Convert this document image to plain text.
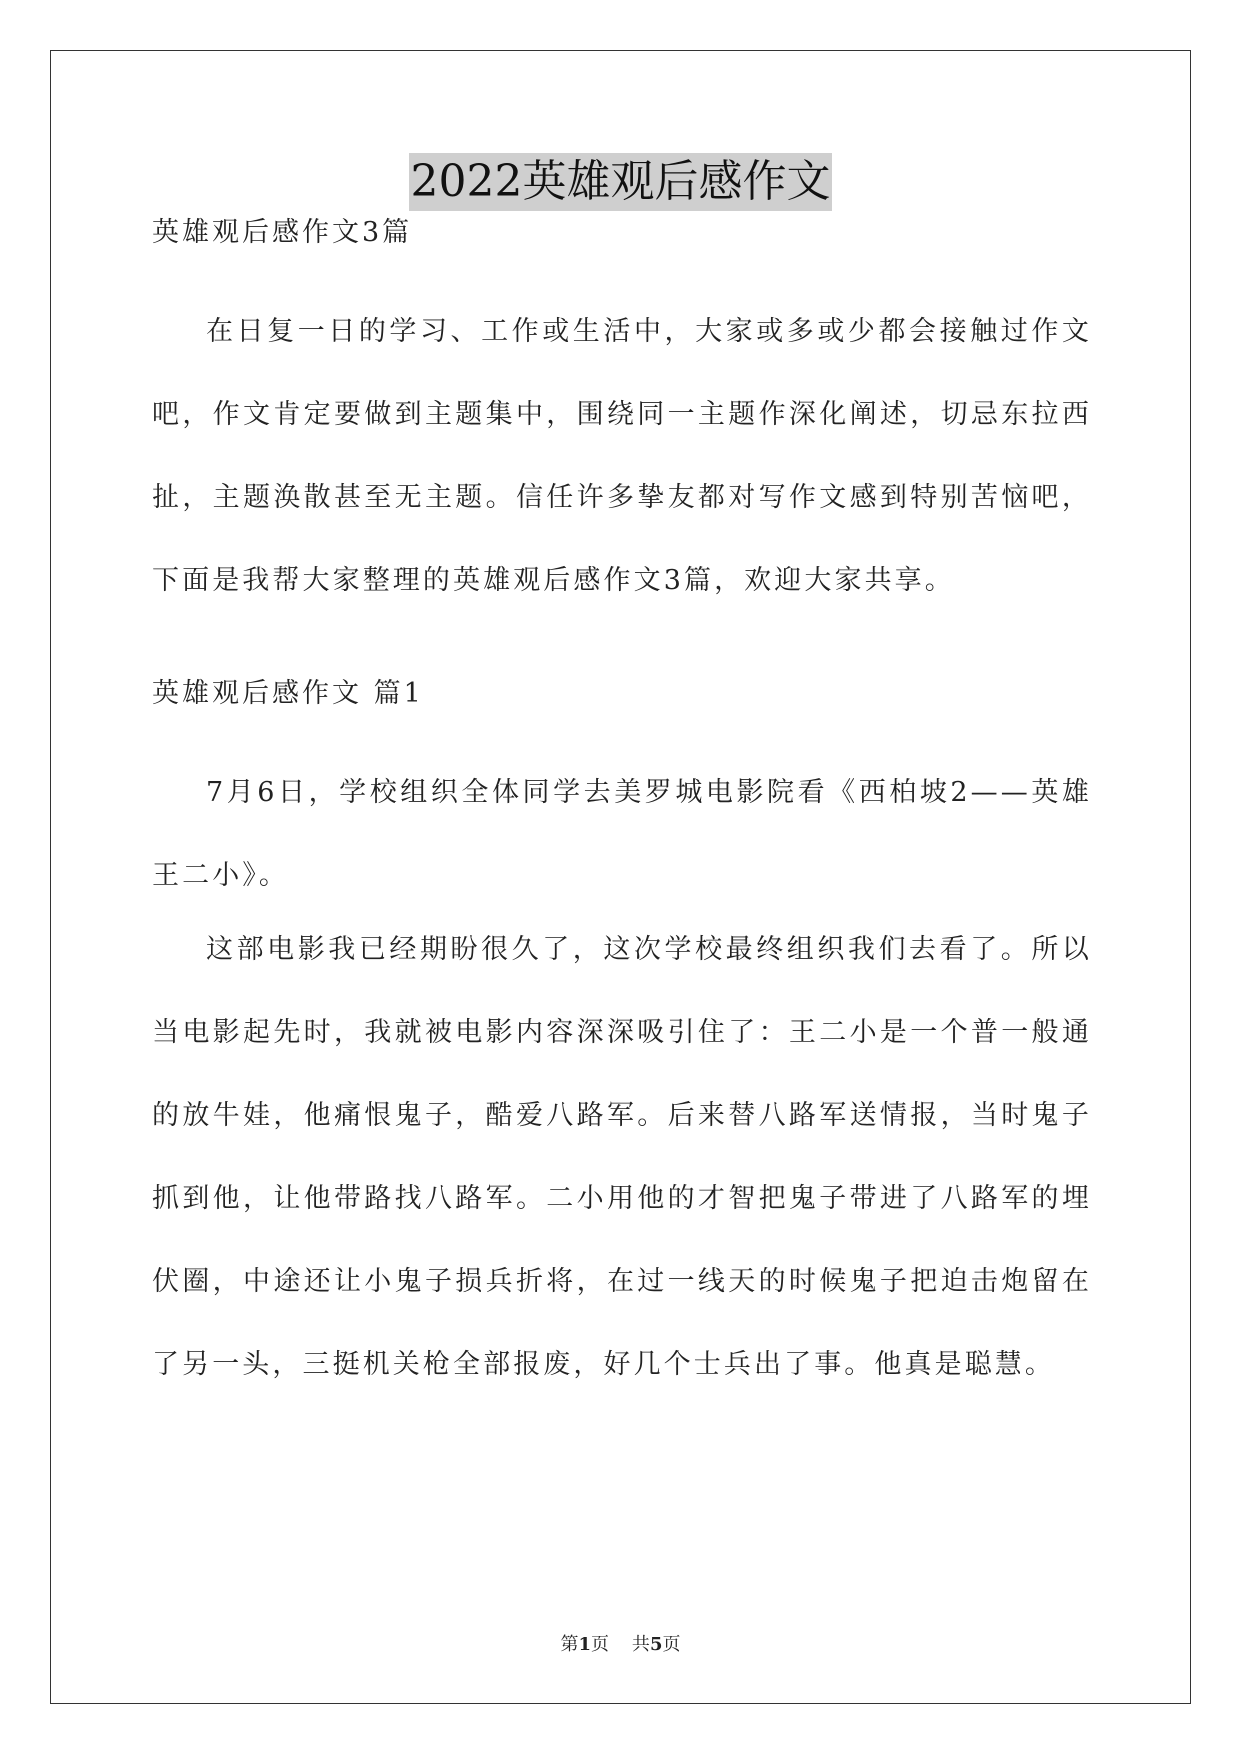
2022英雄观后感作文
英雄观后感作文3篇

在日复一日的学习、工作或生活中，大家或多或少都会接触过作文吧，作文肯定要做到主题集中，围绕同一主题作深化阐述，切忌东拉西扯，主题涣散甚至无主题。信任许多挚友都对写作文感到特别苦恼吧，下面是我帮大家整理的英雄观后感作文3篇，欢迎大家共享。

英雄观后感作文 篇1

7月6日，学校组织全体同学去美罗城电影院看《西柏坡2——英雄王二小》。

这部电影我已经期盼很久了，这次学校最终组织我们去看了。所以当电影起先时，我就被电影内容深深吸引住了：王二小是一个普一般通的放牛娃，他痛恨鬼子，酷爱八路军。后来替八路军送情报，当时鬼子抓到他，让他带路找八路军。二小用他的才智把鬼子带进了八路军的埋伏圈，中途还让小鬼子损兵折将，在过一线天的时候鬼子把迫击炮留在了另一头，三挺机关枪全部报废，好几个士兵出了事。他真是聪慧。

第1页    共5页
